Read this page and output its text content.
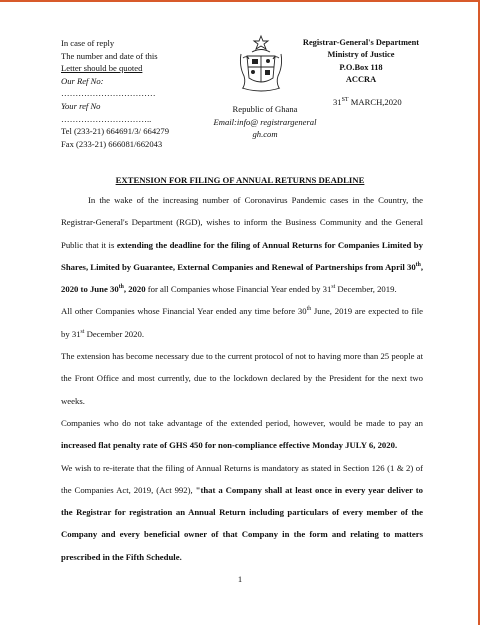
In case of reply
The number and date of this
Letter should be quoted
Our Ref No:
……………………………
Your ref No
…………………………..
Tel (233-21) 664691/3/ 664279
Fax (233-21) 666081/662043
Republic of Ghana
Email:info@ registrargeneral
gh.com
Registrar-General's Department
Ministry of Justice
P.O.Box 118
ACCRA
31ST MARCH,2020
EXTENSION FOR FILING OF ANNUAL RETURNS DEADLINE

In the wake of the increasing number of Coronavirus Pandemic cases in the Country, the Registrar-General's Department (RGD), wishes to inform the Business Community and the General Public that it is extending the deadline for the filing of Annual Returns for Companies Limited by Shares, Limited by Guarantee, External Companies and Renewal of Partnerships from April 30th, 2020 to June 30th, 2020 for all Companies whose Financial Year ended by 31st December, 2019.

All other Companies whose Financial Year ended any time before 30th June, 2019 are expected to file by 31st December 2020.

The extension has become necessary due to the current protocol of not to having more than 25 people at the Front Office and most currently, due to the lockdown declared by the President for the next two weeks.

Companies who do not take advantage of the extended period, however, would be made to pay an increased flat penalty rate of GHS 450 for non-compliance effective Monday JULY 6, 2020.

We wish to re-iterate that the filing of Annual Returns is mandatory as stated in Section 126 (1 & 2) of the Companies Act, 2019, (Act 992), "that a Company shall at least once in every year deliver to the Registrar for registration an Annual Return including particulars of every member of the Company and every beneficial owner of that Company in the form and relating to matters prescribed in the Fifth Schedule.

1
